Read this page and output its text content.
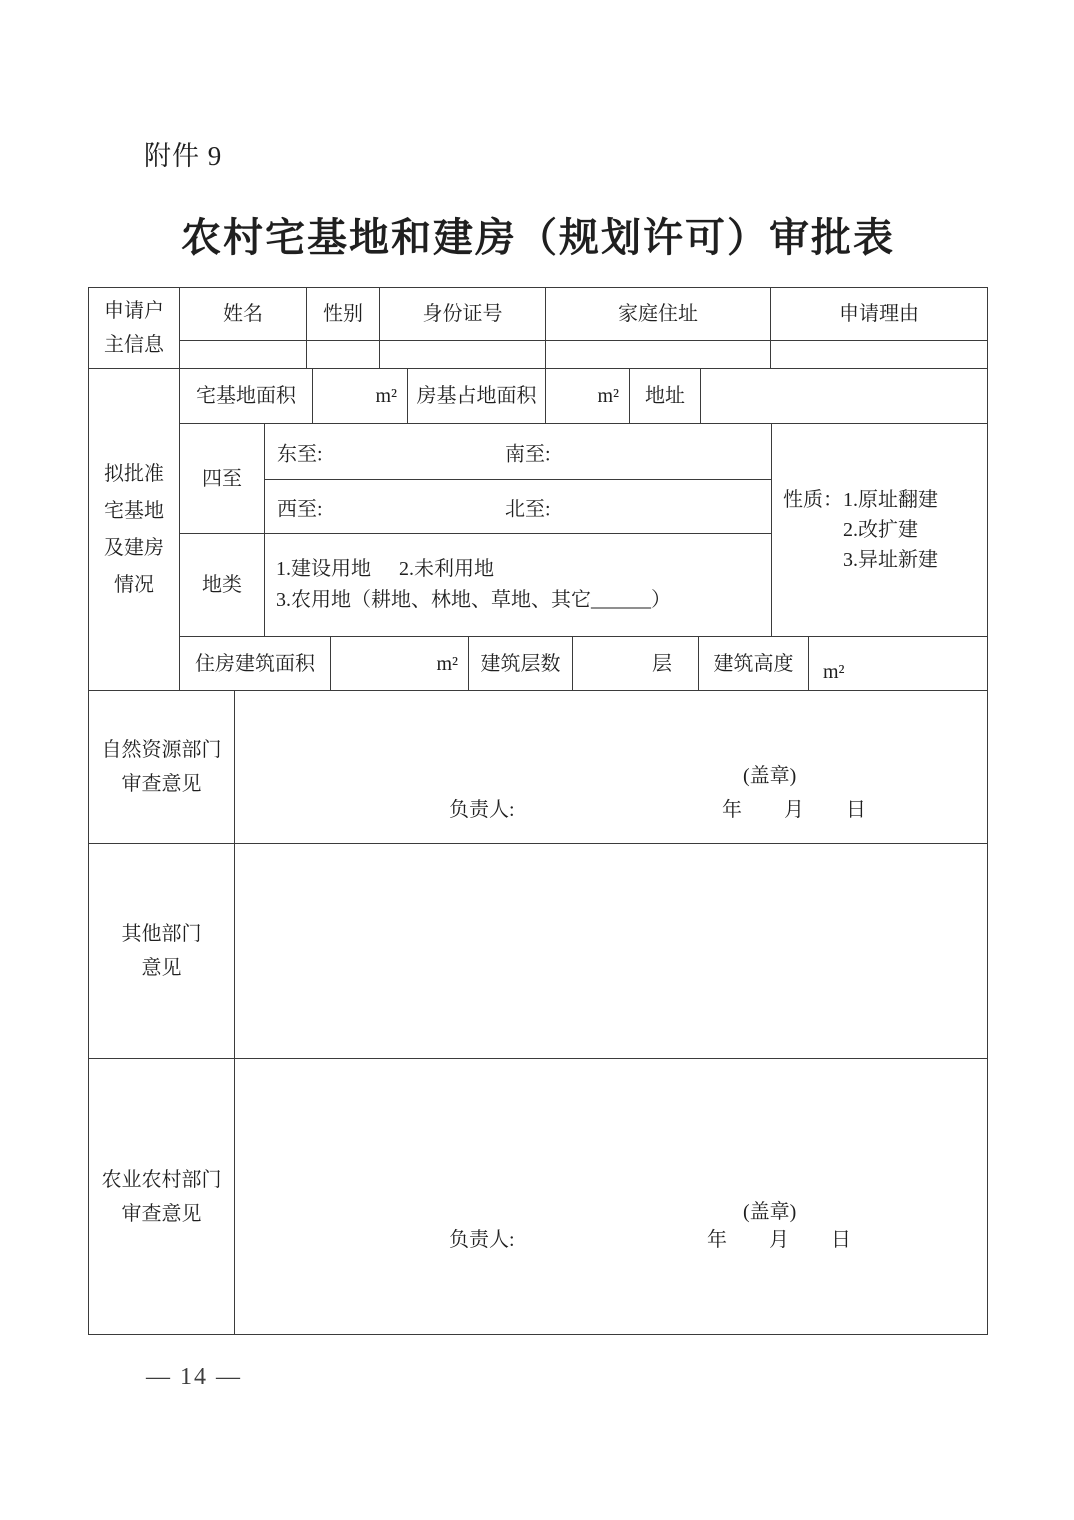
附件 9
农村宅基地和建房（规划许可）审批表
申请户主信息
姓名	性别	身份证号	家庭住址	申请理由
拟批准宅基地及建房情况
宅基地面积	m² 房基占地面积	m²	地址
四至
东至:	南至:
西至:	北至:
地类
1.建设用地 2.未利用地
3.农用地（耕地、林地、草地、其它______）
性质：1.原址翻建
2.改扩建
3.异址新建
住房建筑面积	m²	建筑层数	层	建筑高度	m²
自然资源部门审查意见	(盖章)
负责人:	年 月 日
其他部门意见
农业农村部门审查意见	(盖章)
负责人:	年 月 日
— 14 —
